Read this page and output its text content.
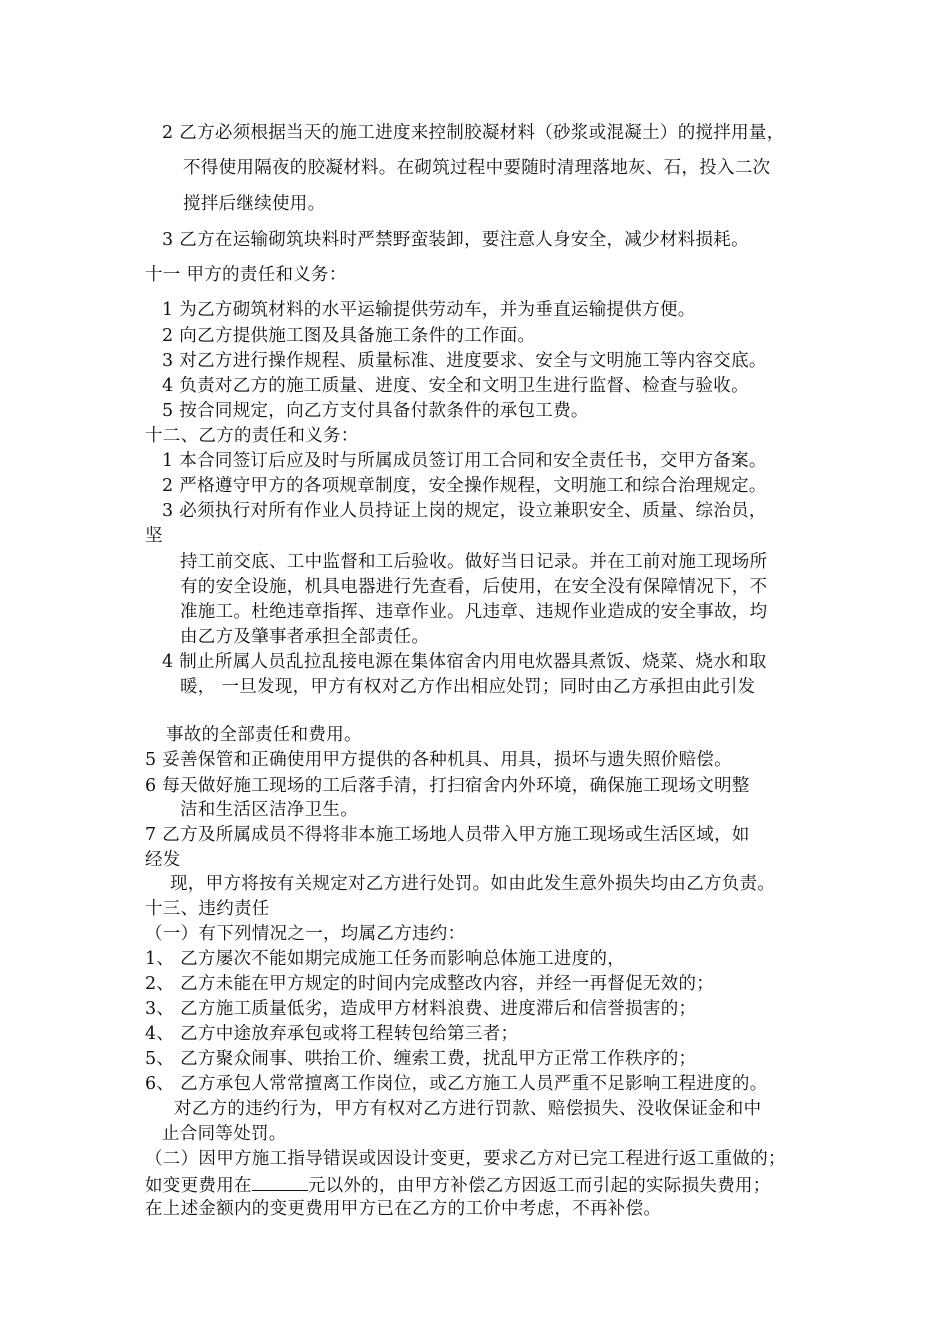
2 乙方必须根据当天的施工进度来控制胶凝材料（砂浆或混凝土）的搅拌用量，
不得使用隔夜的胶凝材料。在砌筑过程中要随时清理落地灰、石，投入二次
搅拌后继续使用。
3 乙方在运输砌筑块料时严禁野蛮装卸，要注意人身安全，减少材料损耗。
十一 甲方的责任和义务：
1 为乙方砌筑材料的水平运输提供劳动车，并为垂直运输提供方便。
2 向乙方提供施工图及具备施工条件的工作面。
3 对乙方进行操作规程、质量标准、进度要求、安全与文明施工等内容交底。
4 负责对乙方的施工质量、进度、安全和文明卫生进行监督、检查与验收。
5 按合同规定，向乙方支付具备付款条件的承包工费。
十二、乙方的责任和义务：
1 本合同签订后应及时与所属成员签订用工合同和安全责任书，交甲方备案。
2 严格遵守甲方的各项规章制度，安全操作规程，文明施工和综合治理规定。
3 必须执行对所有作业人员持证上岗的规定，设立兼职安全、质量、综治员，
坚
持工前交底、工中监督和工后验收。做好当日记录。并在工前对施工现场所
有的安全设施，机具电器进行先查看，后使用，在安全没有保障情况下，不
准施工。杜绝违章指挥、违章作业。凡违章、违规作业造成的安全事故，均
由乙方及肇事者承担全部责任。
4 制止所属人员乱拉乱接电源在集体宿舍内用电炊器具煮饭、烧菜、烧水和取
暖， 一旦发现，甲方有权对乙方作出相应处罚；同时由乙方承担由此引发
事故的全部责任和费用。
5 妥善保管和正确使用甲方提供的各种机具、用具，损坏与遗失照价赔偿。
6 每天做好施工现场的工后落手清，打扫宿舍内外环境，确保施工现场文明整
洁和生活区洁净卫生。
7 乙方及所属成员不得将非本施工场地人员带入甲方施工现场或生活区域，如
经发
现，甲方将按有关规定对乙方进行处罚。如由此发生意外损失均由乙方负责。
十三、违约责任
（一）有下列情况之一，均属乙方违约：
1、 乙方屡次不能如期完成施工任务而影响总体施工进度的，
2、 乙方未能在甲方规定的时间内完成整改内容，并经一再督促无效的；
3、 乙方施工质量低劣，造成甲方材料浪费、进度滞后和信誉损害的；
4、 乙方中途放弃承包或将工程转包给第三者；
5、 乙方聚众闹事、哄抬工价、缠索工费，扰乱甲方正常工作秩序的；
6、 乙方承包人常常擅离工作岗位，或乙方施工人员严重不足影响工程进度的。
对乙方的违约行为，甲方有权对乙方进行罚款、赔偿损失、没收保证金和中
止合同等处罚。
（二）因甲方施工指导错误或因设计变更，要求乙方对已完工程进行返工重做的；
如变更费用在	元以外的，由甲方补偿乙方因返工而引起的实际损失费用；
在上述金额内的变更费用甲方已在乙方的工价中考虑，不再补偿。
